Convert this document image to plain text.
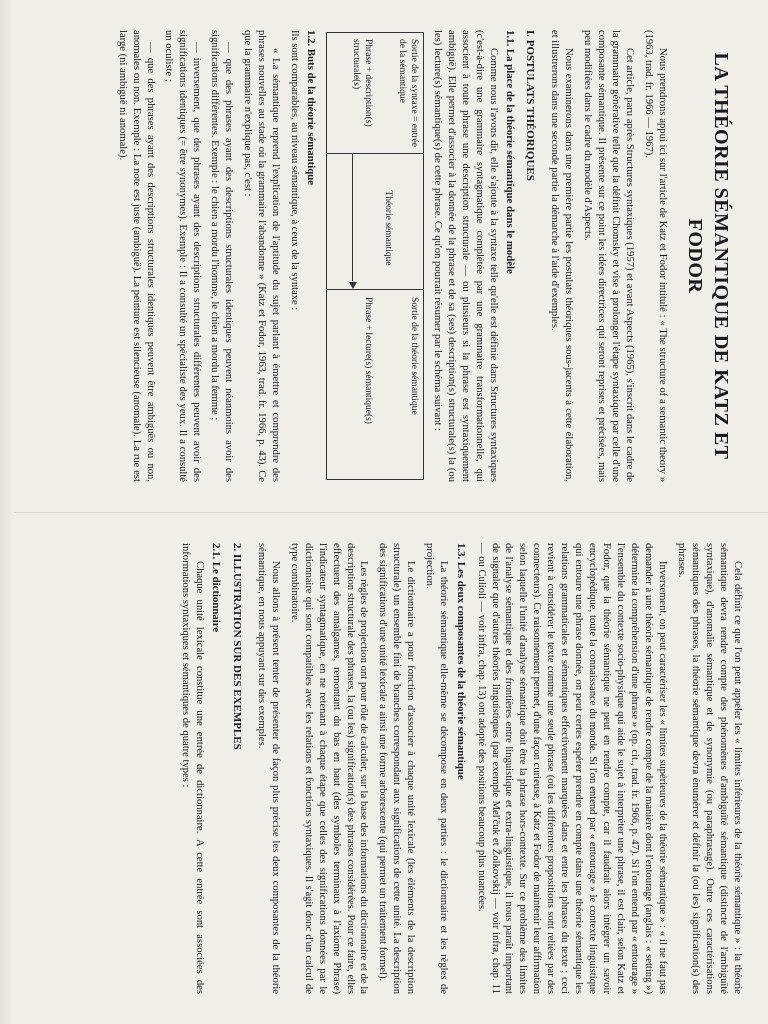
LA THÉORIE SÉMANTIQUE DE KATZ ET FODOR

Nous prendrons appui ici sur l'article de Katz et Fodor intitulé : « The structure of a semantic theory » (1963, trad. fr. 1966 — 1967).

Cet article, paru après Structures syntaxiques (1957) et avant Aspects (1965), s'inscrit dans le cadre de la grammaire générative telle que la définit Chomsky et vise à prolonger l'étape syntaxique par celle d'une composante sémantique. Il présente sur ce point les idées directrices qui seront reprises et précisées, mais peu modifiées dans le cadre du modèle d'Aspects.

Nous examinerons dans une première partie les postulats théoriques sous-jacents à cette élaboration, et illustrerons dans une seconde partie la démarche à l'aide d'exemples.

I. POSTULATS THÉORIQUES
1.1. La place de la théorie sémantique dans le modèle

Comme nous l'avons dit, elle s'ajoute à la syntaxe telle qu'elle est définie dans Structures syntaxiques (c'est-à-dire une grammaire syntagmatique complétée par une grammaire transformationnelle, qui associent à toute phrase une description structurale — ou plusieurs si la phrase est syntaxiquement ambiguë). Elle permet d'associer à la donnée de la phrase et de sa (ses) description(s) structurale(s) la (ou les) lecture(s) sémantique(s) de cette phrase. Ce qu'on pourrait résumer par le schéma suivant :

Sortie de la syntaxe = entrée de la sémantique
Phrase + description(s) structurale(s)
Théorie sémantique
Sortie de la théorie sémantique
Phrase + lecture(s) sémantique(s)
1.2. Buts de la théorie sémantique

Ils sont comparables, au niveau sémantique, à ceux de la syntaxe :

« La sémantique reprend l'explication de l'aptitude du sujet parlant à émettre et comprendre des phrases nouvelles au stade où la grammaire l'abandonne » (Katz et Fodor, 1963, trad. fr. 1966, p. 43). Ce que la grammaire n'explique pas, c'est :

— que des phrases ayant des descriptions structurales identiques peuvent néanmoins avoir des significations différentes. Exemple : le chien a mordu l'homme, le chien a mordu la femme ;
— inversement, que des phrases ayant des descriptions structurales différentes peuvent avoir des significations identiques (= être synonymes). Exemple : Il a consulté un spécialiste des yeux. Il a consulté un oculiste ;
— que des phrases ayant des descriptions structurales identiques peuvent être ambiguës ou non, anomales ou non. Exemple : La note est juste (ambiguë). La peinture est silencieuse (anomale). La rue est large (ni ambiguë ni anomale).

Cela définit ce que l'on peut appeler les « limites inférieures de la théorie sémantique » : la théorie sémantique devra rendre compte des phénomènes d'ambiguïté sémantique (distincte de l'ambiguïté syntaxique), d'anomalie sémantique et de synonymie (ou paraphrasage). Outre ces caractérisations sémantiques des phrases, la théorie sémantique devra énumérer et définir la (ou les) signification(s) des phrases.

Inversement, on peut caractériser les « limites supérieures de la théorie sémantique » : « il ne faut pas demander à une théorie sémantique de rendre compte de la manière dont l'entourage (anglais : « setting ») détermine la compréhension d'une phrase » (op. cit., trad. fr. 1966, p. 47). Si l'on entend par « entourage » l'ensemble du contexte socio-physique qui aide le sujet à interpréter une phrase, il est clair, selon Katz et Fodor, que la théorie sémantique ne peut en rendre compte, car il faudrait alors intégrer un savoir encyclopédique, toute la connaissance du monde. Si l'on entend par « entourage » le contexte linguistique qui entoure une phrase donnée, on peut certes espérer prendre en compte dans une théorie sémantique les relations grammaticales et sémantiques effectivement marquées dans et entre les phrases du texte ; ceci revient à considérer le texte comme une seule phrase (où les différentes propositions sont reliées par des connecteurs). Ce raisonnement permet, d'une façon curieuse, à Katz et Fodor de maintenir leur affirmation selon laquelle l'unité d'analyse sémantique doit être la phrase hors-contexte. Sur ce problème des limites de l'analyse sémantique et des frontières entre linguistique et extra-linguistique, il nous paraît important de signaler que d'autres théories linguistiques (par exemple Mel'čuk et Žolkovskij — voir infra, chap. 11 — ou Culioli — voir infra, chap. 13) ont adopté des positions beaucoup plus nuancées.

1.3. Les deux composantes de la théorie sémantique

La théorie sémantique elle-même se décompose en deux parties : le dictionnaire et les règles de projection.

Le dictionnaire a pour fonction d'associer à chaque unité lexicale (les éléments de la description structurale) un ensemble fini de branches correspondant aux significations de cette unité. La description des significations d'une unité lexicale a ainsi une forme arborescente (qui permet un traitement formel).

Les règles de projection ont pour rôle de calculer, sur la base des informations du dictionnaire et de la description structurale des phrases, la (ou les) signification(s) des phrases considérées. Pour ce faire, elles effectuent des amalgames, remontant du bas en haut (des symboles terminaux à l'axiome Phrase) l'indicateur syntagmatique, en ne retenant à chaque étape que celles des significations données par le dictionnaire qui sont compatibles avec les relations et fonctions syntaxiques. Il s'agit donc d'un calcul de type combinatoire.

Nous allons à présent tenter de présenter de façon plus précise les deux composantes de la théorie sémantique, en nous appuyant sur des exemples.

2. ILLUSTRATION SUR DES EXEMPLES
2.1. Le dictionnaire

Chaque unité lexicale constitue une entrée de dictionnaire. A cette entrée sont associées des informations syntaxiques et sémantiques de quatre types :
